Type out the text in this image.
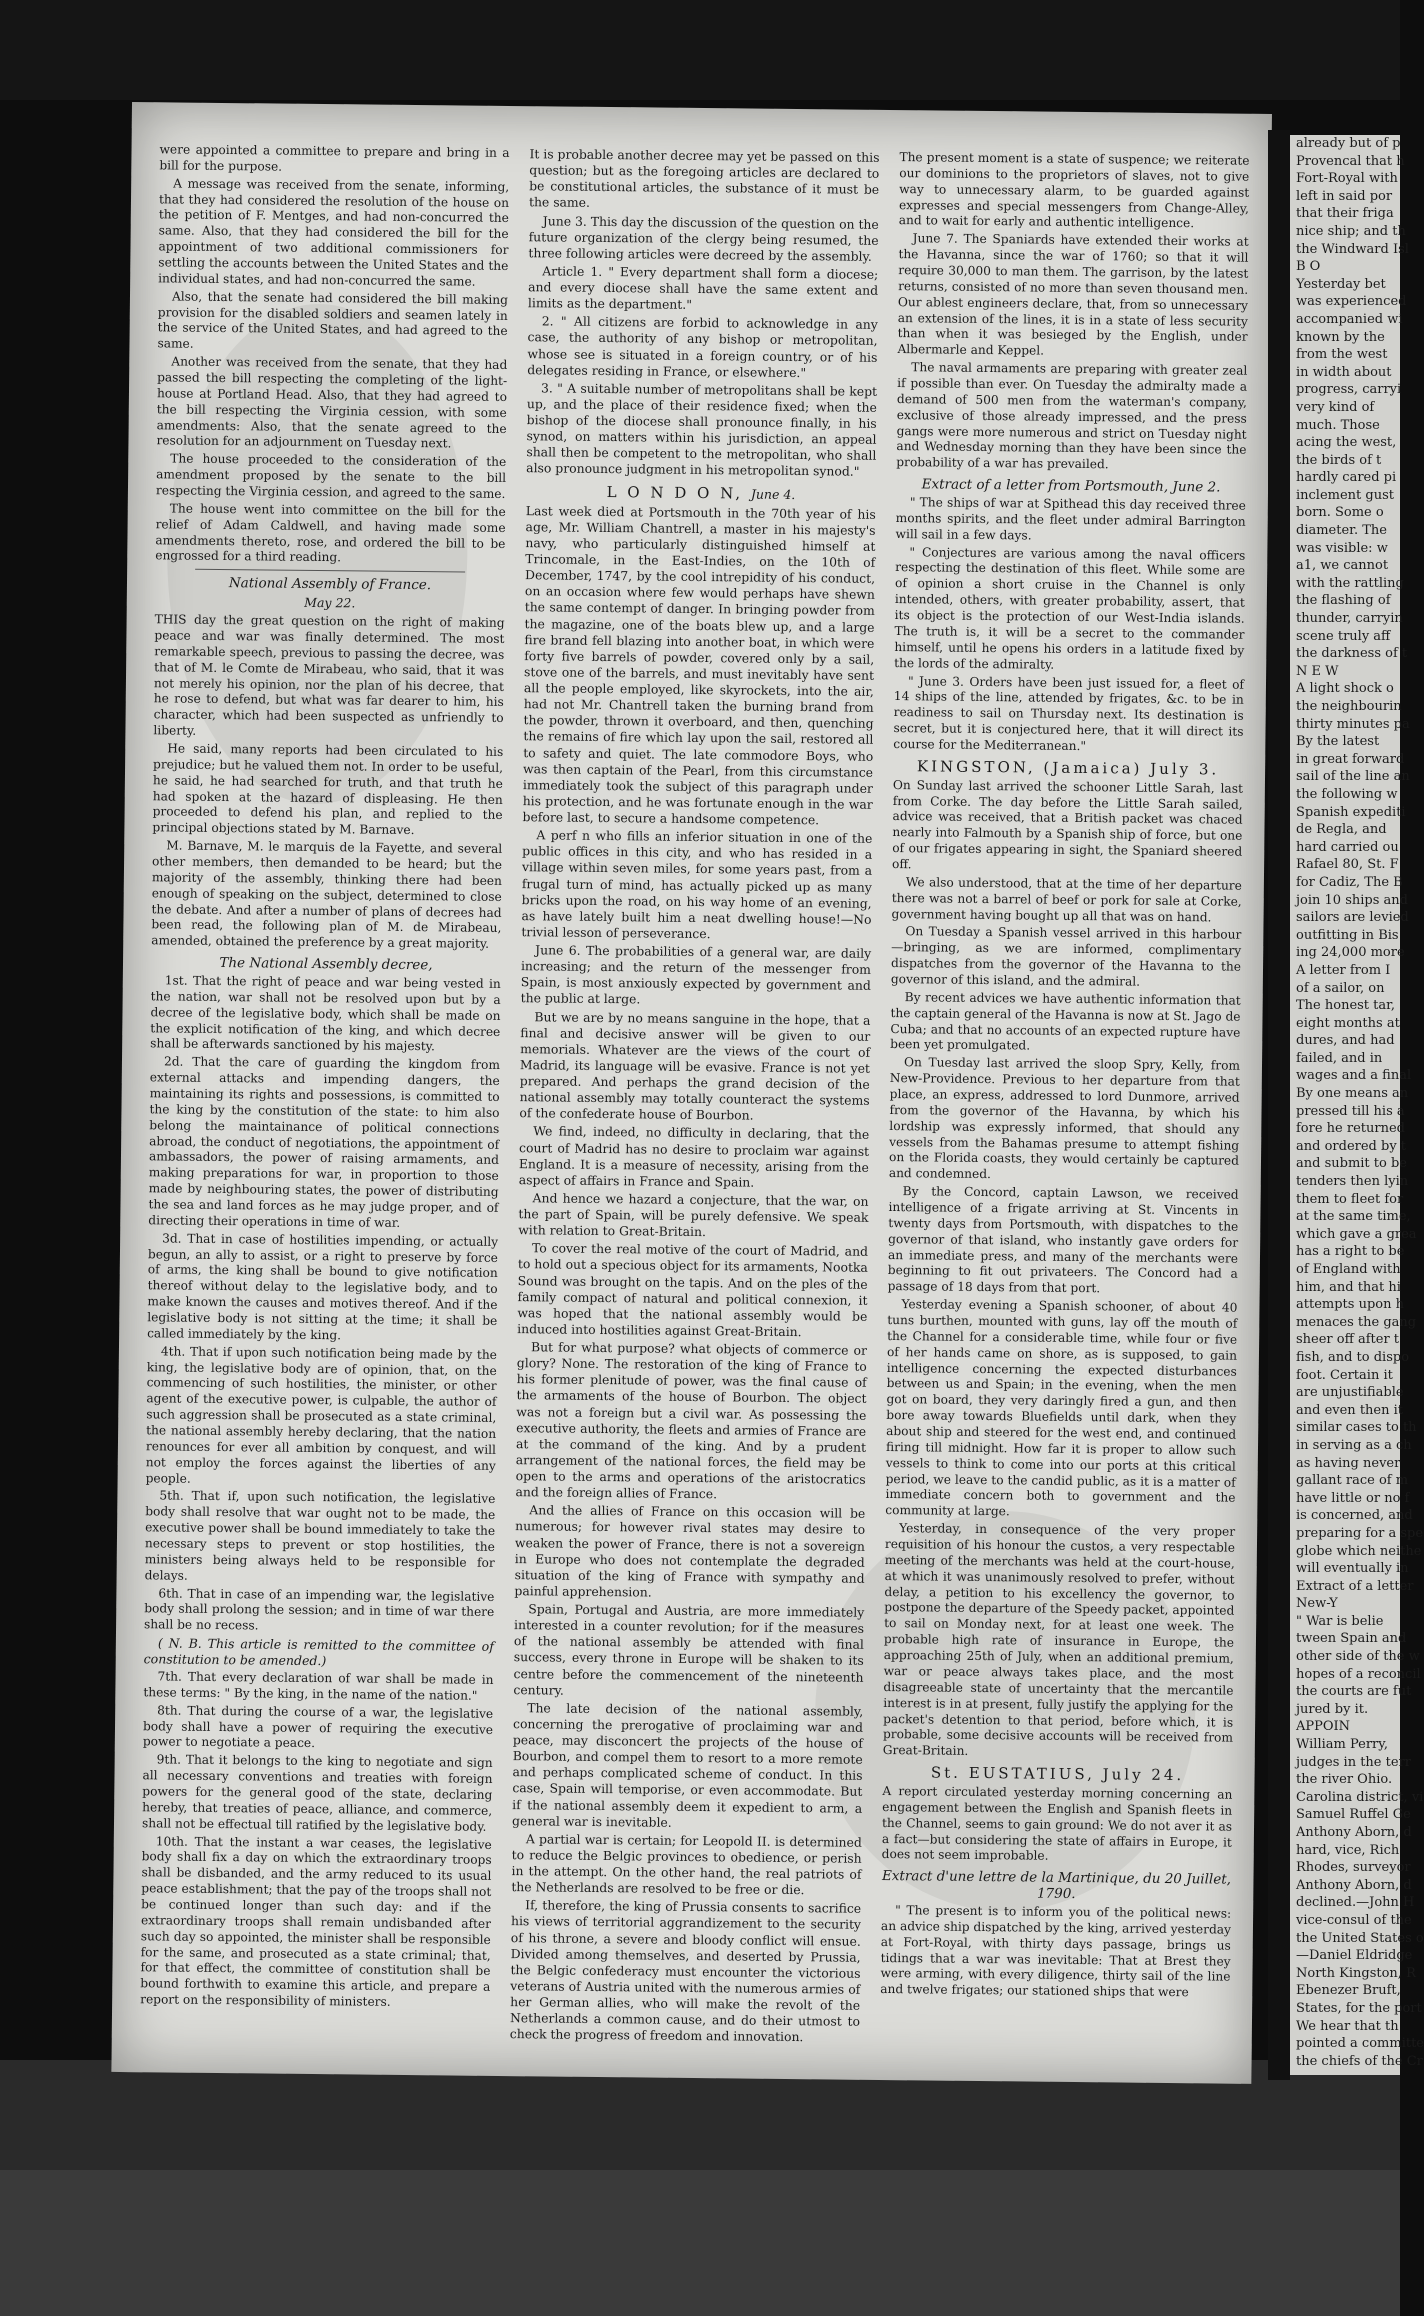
were appointed a committee to prepare and bring in a bill for the purpose.

A message was received from the senate, informing, that they had considered the resolution of the house on the petition of F. Mentges, and had non-concurred the same. Also, that they had considered the bill for the appointment of two additional commissioners for settling the accounts between the United States and the individual states, and had non-concurred the same.

Also, that the senate had considered the bill making provision for the disabled soldiers and seamen lately in the service of the United States, and had agreed to the same.

Another was received from the senate, that they had passed the bill respecting the completing of the light-house at Portland Head. Also, that they had agreed to the bill respecting the Virginia cession, with some amendments: Also, that the senate agreed to the resolution for an adjournment on Tuesday next.

The house proceeded to the consideration of the amendment proposed by the senate to the bill respecting the Virginia cession, and agreed to the same.

The house went into committee on the bill for the relief of Adam Caldwell, and having made some amendments thereto, rose, and ordered the bill to be engrossed for a third reading.

National Assembly of France.
May 22.

THIS day the great question on the right of making peace and war was finally determined. The most remarkable speech, previous to passing the decree, was that of M. le Comte de Mirabeau, who said, that it was not merely his opinion, nor the plan of his decree, that he rose to defend, but what was far dearer to him, his character, which had been suspected as unfriendly to liberty.

He said, many reports had been circulated to his prejudice; but he valued them not. In order to be useful, he said, he had searched for truth, and that truth he had spoken at the hazard of displeasing. He then proceeded to defend his plan, and replied to the principal objections stated by M. Barnave.

M. Barnave, M. le marquis de la Fayette, and several other members, then demanded to be heard; but the majority of the assembly, thinking there had been enough of speaking on the subject, determined to close the debate. And after a number of plans of decrees had been read, the following plan of M. de Mirabeau, amended, obtained the preference by a great majority.

The National Assembly decree,

1st. That the right of peace and war being vested in the nation, war shall not be resolved upon but by a decree of the legislative body, which shall be made on the explicit notification of the king, and which decree shall be afterwards sanctioned by his majesty.

2d. That the care of guarding the kingdom from external attacks and impending dangers, the maintaining its rights and possessions, is committed to the king by the constitution of the state: to him also belong the maintainance of political connections abroad, the conduct of negotiations, the appointment of ambassadors, the power of raising armaments, and making preparations for war, in proportion to those made by neighbouring states, the power of distributing the sea and land forces as he may judge proper, and of directing their operations in time of war.

3d. That in case of hostilities impending, or actually begun, an ally to assist, or a right to preserve by force of arms, the king shall be bound to give notification thereof without delay to the legislative body, and to make known the causes and motives thereof. And if the legislative body is not sitting at the time; it shall be called immediately by the king.

4th. That if upon such notification being made by the king, the legislative body are of opinion, that, on the commencing of such hostilities, the minister, or other agent of the executive power, is culpable, the author of such aggression shall be prosecuted as a state criminal, the national assembly hereby declaring, that the nation renounces for ever all ambition by conquest, and will not employ the forces against the liberties of any people.

5th. That if, upon such notification, the legislative body shall resolve that war ought not to be made, the executive power shall be bound immediately to take the necessary steps to prevent or stop hostilities, the ministers being always held to be responsible for delays.

6th. That in case of an impending war, the legislative body shall prolong the session; and in time of war there shall be no recess.

( N. B. This article is remitted to the committee of constitution to be amended.)

7th. That every declaration of war shall be made in these terms: " By the king, in the name of the nation."

8th. That during the course of a war, the legislative body shall have a power of requiring the executive power to negotiate a peace.

9th. That it belongs to the king to negotiate and sign all necessary conventions and treaties with foreign powers for the general good of the state, declaring hereby, that treaties of peace, alliance, and commerce, shall not be effectual till ratified by the legislative body.

10th. That the instant a war ceases, the legislative body shall fix a day on which the extraordinary troops shall be disbanded, and the army reduced to its usual peace establishment; that the pay of the troops shall not be continued longer than such day: and if the extraordinary troops shall remain undisbanded after such day so appointed, the minister shall be responsible for the same, and prosecuted as a state criminal; that, for that effect, the committee of constitution shall be bound forthwith to examine this article, and prepare a report on the responsibility of ministers.

It is probable another decree may yet be passed on this question; but as the foregoing articles are declared to be constitutional articles, the substance of it must be the same.

June 3. This day the discussion of the question on the future organization of the clergy being resumed, the three following articles were decreed by the assembly.

Article 1. " Every department shall form a diocese; and every diocese shall have the same extent and limits as the department."

2. " All citizens are forbid to acknowledge in any case, the authority of any bishop or metropolitan, whose see is situated in a foreign country, or of his delegates residing in France, or elsewhere."

3. " A suitable number of metropolitans shall be kept up, and the place of their residence fixed; when the bishop of the diocese shall pronounce finally, in his synod, on matters within his jurisdiction, an appeal shall then be competent to the metropolitan, who shall also pronounce judgment in his metropolitan synod."

L O N D O N, June 4.

Last week died at Portsmouth in the 70th year of his age, Mr. William Chantrell, a master in his majesty's navy, who particularly distinguished himself at Trincomale, in the East-Indies, on the 10th of December, 1747, by the cool intrepidity of his conduct, on an occasion where few would perhaps have shewn the same contempt of danger. In bringing powder from the magazine, one of the boats blew up, and a large fire brand fell blazing into another boat, in which were forty five barrels of powder, covered only by a sail, stove one of the barrels, and must inevitably have sent all the people employed, like skyrockets, into the air, had not Mr. Chantrell taken the burning brand from the powder, thrown it overboard, and then, quenching the remains of fire which lay upon the sail, restored all to safety and quiet. The late commodore Boys, who was then captain of the Pearl, from this circumstance immediately took the subject of this paragraph under his protection, and he was fortunate enough in the war before last, to secure a handsome competence.

A perf n who fills an inferior situation in one of the public offices in this city, and who has resided in a village within seven miles, for some years past, from a frugal turn of mind, has actually picked up as many bricks upon the road, on his way home of an evening, as have lately built him a neat dwelling house!—No trivial lesson of perseverance.

June 6. The probabilities of a general war, are daily increasing; and the return of the messenger from Spain, is most anxiously expected by government and the public at large.

But we are by no means sanguine in the hope, that a final and decisive answer will be given to our memorials. Whatever are the views of the court of Madrid, its language will be evasive. France is not yet prepared. And perhaps the grand decision of the national assembly may totally counteract the systems of the confederate house of Bourbon.

We find, indeed, no difficulty in declaring, that the court of Madrid has no desire to proclaim war against England. It is a measure of necessity, arising from the aspect of affairs in France and Spain.

And hence we hazard a conjecture, that the war, on the part of Spain, will be purely defensive. We speak with relation to Great-Britain.

To cover the real motive of the court of Madrid, and to hold out a specious object for its armaments, Nootka Sound was brought on the tapis. And on the ples of the family compact of natural and political connexion, it was hoped that the national assembly would be induced into hostilities against Great-Britain.

But for what purpose? what objects of commerce or glory? None. The restoration of the king of France to his former plenitude of power, was the final cause of the armaments of the house of Bourbon. The object was not a foreign but a civil war. As possessing the executive authority, the fleets and armies of France are at the command of the king. And by a prudent arrangement of the national forces, the field may be open to the arms and operations of the aristocratics and the foreign allies of France.

And the allies of France on this occasion will be numerous; for however rival states may desire to weaken the power of France, there is not a sovereign in Europe who does not contemplate the degraded situation of the king of France with sympathy and painful apprehension.

Spain, Portugal and Austria, are more immediately interested in a counter revolution; for if the measures of the national assembly be attended with final success, every throne in Europe will be shaken to its centre before the commencement of the nineteenth century.

The late decision of the national assembly, concerning the prerogative of proclaiming war and peace, may disconcert the projects of the house of Bourbon, and compel them to resort to a more remote and perhaps complicated scheme of conduct. In this case, Spain will temporise, or even accommodate. But if the national assembly deem it expedient to arm, a general war is inevitable.

A partial war is certain; for Leopold II. is determined to reduce the Belgic provinces to obedience, or perish in the attempt. On the other hand, the real patriots of the Netherlands are resolved to be free or die.

If, therefore, the king of Prussia consents to sacrifice his views of territorial aggrandizement to the security of his throne, a severe and bloody conflict will ensue. Divided among themselves, and deserted by Prussia, the Belgic confederacy must encounter the victorious veterans of Austria united with the numerous armies of her German allies, who will make the revolt of the Netherlands a common cause, and do their utmost to check the progress of freedom and innovation.

The present moment is a state of suspence; we reiterate our dominions to the proprietors of slaves, not to give way to unnecessary alarm, to be guarded against expresses and special messengers from Change-Alley, and to wait for early and authentic intelligence.

June 7. The Spaniards have extended their works at the Havanna, since the war of 1760; so that it will require 30,000 to man them. The garrison, by the latest returns, consisted of no more than seven thousand men. Our ablest engineers declare, that, from so unnecessary an extension of the lines, it is in a state of less security than when it was besieged by the English, under Albermarle and Keppel.

The naval armaments are preparing with greater zeal if possible than ever. On Tuesday the admiralty made a demand of 500 men from the waterman's company, exclusive of those already impressed, and the press gangs were more numerous and strict on Tuesday night and Wednesday morning than they have been since the probability of a war has prevailed.

Extract of a letter from Portsmouth, June 2.

" The ships of war at Spithead this day received three months spirits, and the fleet under admiral Barrington will sail in a few days.

" Conjectures are various among the naval officers respecting the destination of this fleet. While some are of opinion a short cruise in the Channel is only intended, others, with greater probability, assert, that its object is the protection of our West-India islands. The truth is, it will be a secret to the commander himself, until he opens his orders in a latitude fixed by the lords of the admiralty.

" June 3. Orders have been just issued for, a fleet of 14 ships of the line, attended by frigates, &c. to be in readiness to sail on Thursday next. Its destination is secret, but it is conjectured here, that it will direct its course for the Mediterranean."

KINGSTON, (Jamaica) July 3.

On Sunday last arrived the schooner Little Sarah, last from Corke. The day before the Little Sarah sailed, advice was received, that a British packet was chaced nearly into Falmouth by a Spanish ship of force, but one of our frigates appearing in sight, the Spaniard sheered off.

We also understood, that at the time of her departure there was not a barrel of beef or pork for sale at Corke, government having bought up all that was on hand.

On Tuesday a Spanish vessel arrived in this harbour —bringing, as we are informed, complimentary dispatches from the governor of the Havanna to the governor of this island, and the admiral.

By recent advices we have authentic information that the captain general of the Havanna is now at St. Jago de Cuba; and that no accounts of an expected rupture have been yet promulgated.

On Tuesday last arrived the sloop Spry, Kelly, from New-Providence. Previous to her departure from that place, an express, addressed to lord Dunmore, arrived from the governor of the Havanna, by which his lordship was expressly informed, that should any vessels from the Bahamas presume to attempt fishing on the Florida coasts, they would certainly be captured and condemned.

By the Concord, captain Lawson, we received intelligence of a frigate arriving at St. Vincents in twenty days from Portsmouth, with dispatches to the governor of that island, who instantly gave orders for an immediate press, and many of the merchants were beginning to fit out privateers. The Concord had a passage of 18 days from that port.

Yesterday evening a Spanish schooner, of about 40 tuns burthen, mounted with guns, lay off the mouth of the Channel for a considerable time, while four or five of her hands came on shore, as is supposed, to gain intelligence concerning the expected disturbances between us and Spain; in the evening, when the men got on board, they very daringly fired a gun, and then bore away towards Bluefields until dark, when they about ship and steered for the west end, and continued firing till midnight. How far it is proper to allow such vessels to think to come into our ports at this critical period, we leave to the candid public, as it is a matter of immediate concern both to government and the community at large.

Yesterday, in consequence of the very proper requisition of his honour the custos, a very respectable meeting of the merchants was held at the court-house, at which it was unanimously resolved to prefer, without delay, a petition to his excellency the governor, to postpone the departure of the Speedy packet, appointed to sail on Monday next, for at least one week. The probable high rate of insurance in Europe, the approaching 25th of July, when an additional premium, war or peace always takes place, and the most disagreeable state of uncertainty that the mercantile interest is in at present, fully justify the applying for the packet's detention to that period, before which, it is probable, some decisive accounts will be received from Great-Britain.

St. EUSTATIUS, July 24.

A report circulated yesterday morning concerning an engagement between the English and Spanish fleets in the Channel, seems to gain ground: We do not aver it as a fact—but considering the state of affairs in Europe, it does not seem improbable.

Extract d'une lettre de la Martinique, du 20 Juillet, 1790.

" The present is to inform you of the political news: an advice ship dispatched by the king, arrived yesterday at Fort-Royal, with thirty days passage, brings us tidings that a war was inevitable: That at Brest they were arming, with every diligence, thirty sail of the line and twelve frigates; our stationed ships that were

already but of p
Provencal that h
Fort-Royal with
left in said por
that their friga
nice ship; and th
the Windward Isl
B O
Yesterday bet
was experienced
accompanied wi
known by the
from the west
in width about
progress, carryi
very kind of
much. Those
acing the west,
the birds of t
hardly cared pi
inclement gust
born. Some o
diameter. The
was visible: w
a1, we cannot
with the rattling
the flashing of
thunder, carryin
scene truly aff
the darkness of t
N E W
A light shock o
the neighbourin
thirty minutes pa
By the latest
in great forward
sail of the line an
the following w
Spanish expediti
de Regla, and
hard carried ou
Rafael 80, St. F
for Cadiz, The B
join 10 ships and
sailors are levied
outfitting in Bis
ing 24,000 more
A letter from I
of a sailor, on
The honest tar,
eight months at
dures, and had
failed, and in
wages and a final
By one means an
pressed till his a
fore he returned
and ordered by t
and submit to be
tenders then lyin
them to fleet for
at the same time,
which gave a grea
has a right to be
of England with
him, and that hi
attempts upon h
menaces the gang
sheer off after t
fish, and to dispo
foot. Certain it
are unjustifiable
and even then it
similar cases to th
in serving as a ch
as having never
gallant race of m
have little or no f
is concerned, and
preparing for a spe
globe which neithe
will eventually in
Extract of a letter
New-Y
" War is belie
tween Spain and
other side of the w
hopes of a reconcil
the courts are fut
jured by it.
APPOIN
William Perry,
judges in the terr
the river Ohio.
Carolina district, vi
Samuel Ruffel Ge
Anthony Aborn, d
hard, vice, Rich
Rhodes, surveyor
Anthony Aborn, d
declined.—John H
vice-consul of the
the United States o
—Daniel Eldridge
North Kingston, R
Ebenezer Bruft,
States, for the port
We hear that th
pointed a committe
the chiefs of the Cr
